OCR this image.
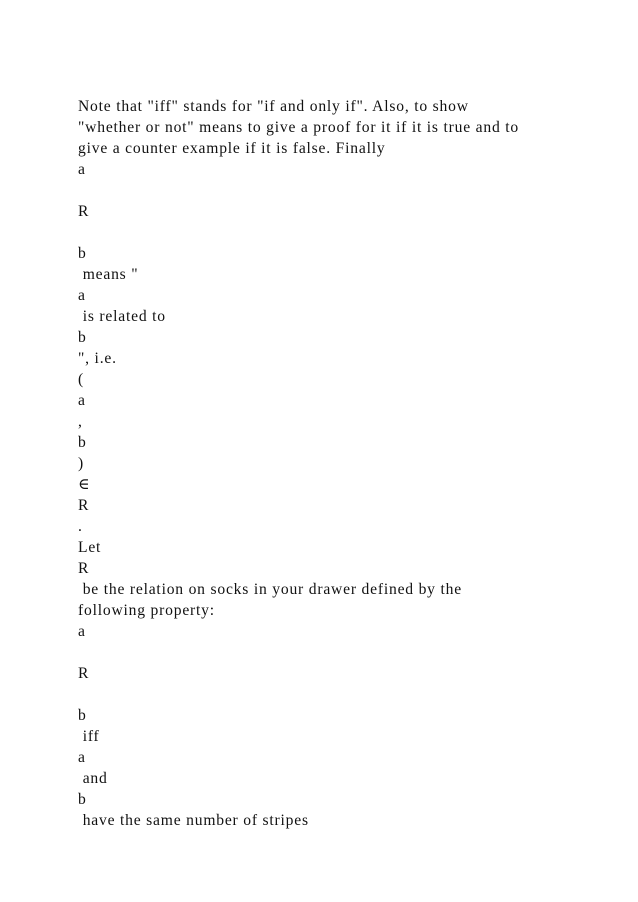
Note that "iff" stands for "if and only if". Also, to show
"whether or not" means to give a proof for it if it is true and to
give a counter example if it is false. Finally
a
R
b
means "
a
is related to
b
", i.e.
(
a
,
b
)
∈
R
.
Let
R
be the relation on socks in your drawer defined by the
following property:
a
R
b
iff
a
and
b
have the same number of stripes
